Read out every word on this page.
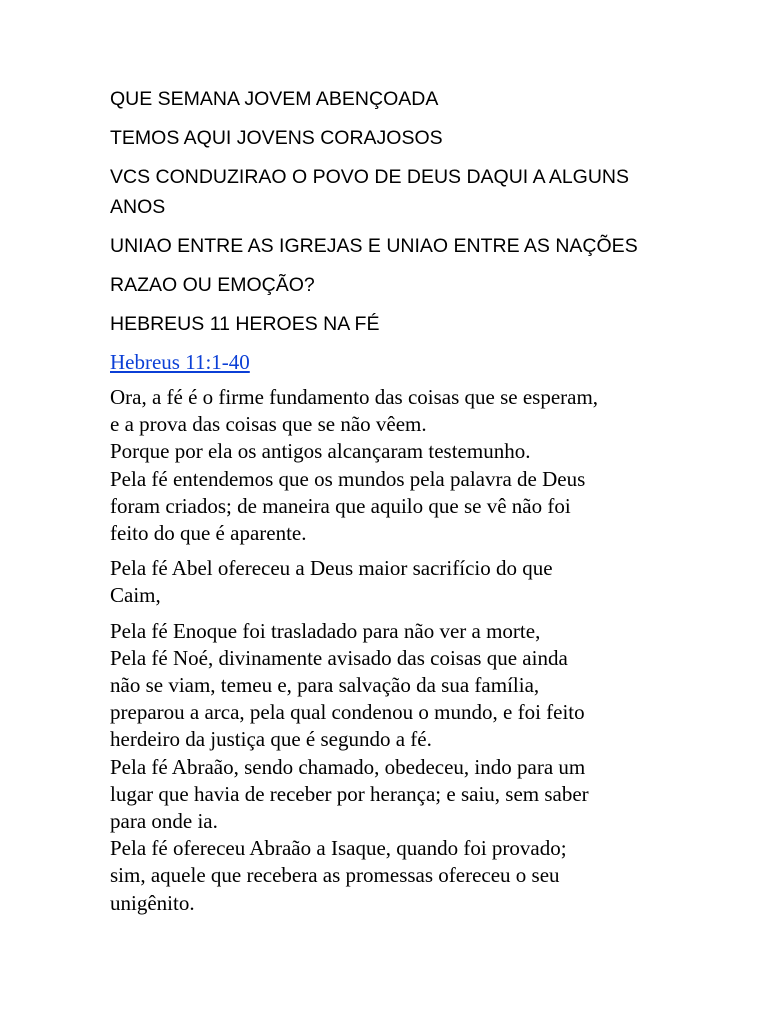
QUE SEMANA JOVEM ABENÇOADA

TEMOS AQUI JOVENS CORAJOSOS

VCS CONDUZIRAO O POVO DE DEUS DAQUI A ALGUNS ANOS

UNIAO ENTRE AS IGREJAS E UNIAO ENTRE AS NAÇÕES

RAZAO OU EMOÇÃO?

HEBREUS 11 HEROES NA FÉ

Hebreus 11:1-40
Ora, a fé é o firme fundamento das coisas que se esperam,
e a prova das coisas que se não vêem.
Porque por ela os antigos alcançaram testemunho.
Pela fé entendemos que os mundos pela palavra de Deus
foram criados; de maneira que aquilo que se vê não foi
feito do que é aparente.
Pela fé Abel ofereceu a Deus maior sacrifício do que
Caim,
Pela fé Enoque foi trasladado para não ver a morte,
Pela fé Noé, divinamente avisado das coisas que ainda
não se viam, temeu e, para salvação da sua família,
preparou a arca, pela qual condenou o mundo, e foi feito
herdeiro da justiça que é segundo a fé.
Pela fé Abraão, sendo chamado, obedeceu, indo para um
lugar que havia de receber por herança; e saiu, sem saber
para onde ia.
Pela fé ofereceu Abraão a Isaque, quando foi provado;
sim, aquele que recebera as promessas ofereceu o seu
unigênito.
